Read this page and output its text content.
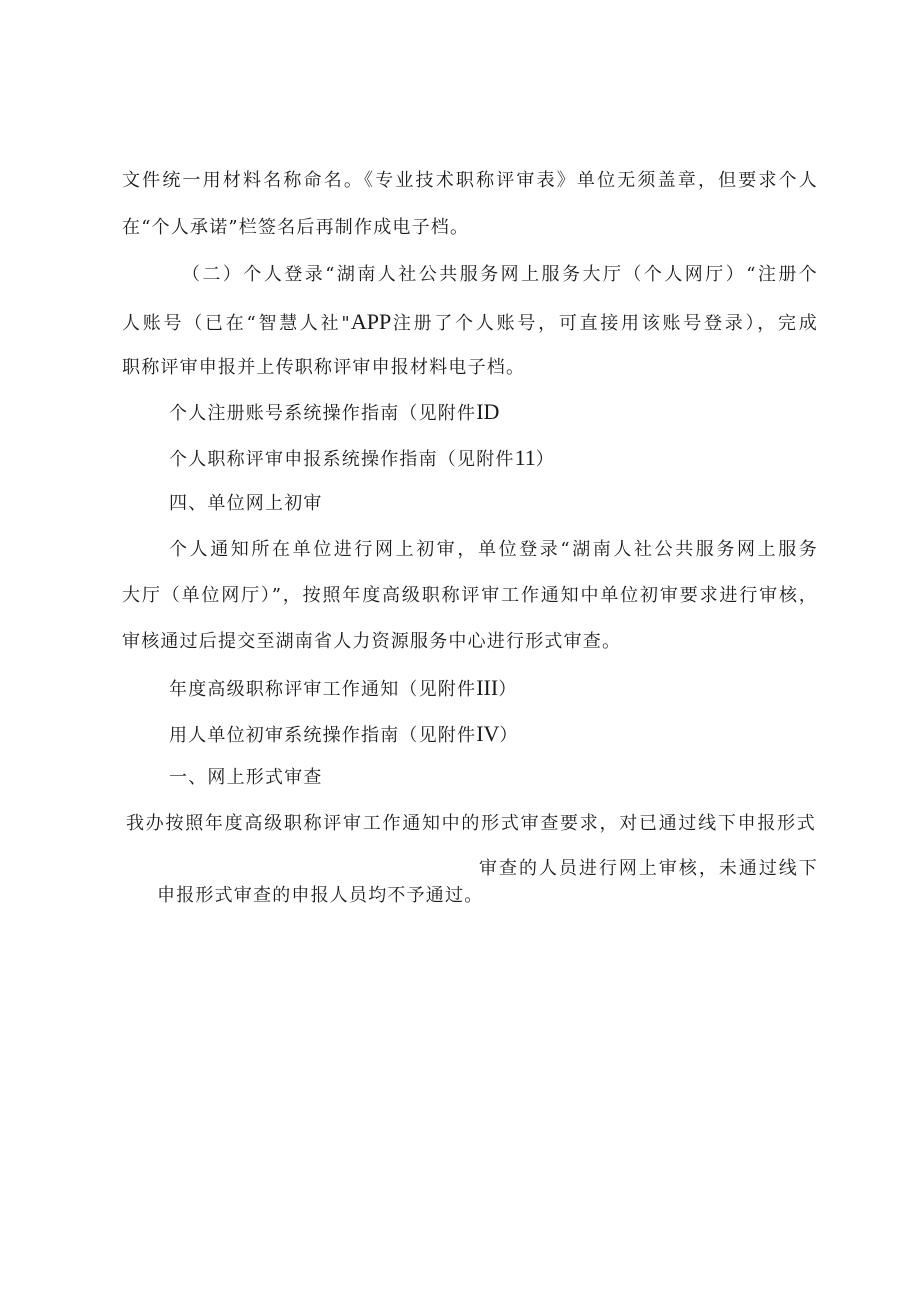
文件统一用材料名称命名。《专业技术职称评审表》单位无须盖章，但要求个人

在“个人承诺”栏签名后再制作成电子档。

（二）个人登录“湖南人社公共服务网上服务大厅（个人网厅）“注册个

人账号（已在“智慧人社"APP注册了个人账号，可直接用该账号登录），完成

职称评审申报并上传职称评审申报材料电子档。

个人注册账号系统操作指南（见附件ID

个人职称评审申报系统操作指南（见附件11）

四、单位网上初审

个人通知所在单位进行网上初审，单位登录“湖南人社公共服务网上服务

大厅（单位网厅）”，按照年度高级职称评审工作通知中单位初审要求进行审核，

审核通过后提交至湖南省人力资源服务中心进行形式审查。

年度高级职称评审工作通知（见附件III）

用人单位初审系统操作指南（见附件IV）

一、网上形式审查

我办按照年度高级职称评审工作通知中的形式审查要求，对已通过线下申报形式

审查的人员进行网上审核，未通过线下

申报形式审查的申报人员均不予通过。
